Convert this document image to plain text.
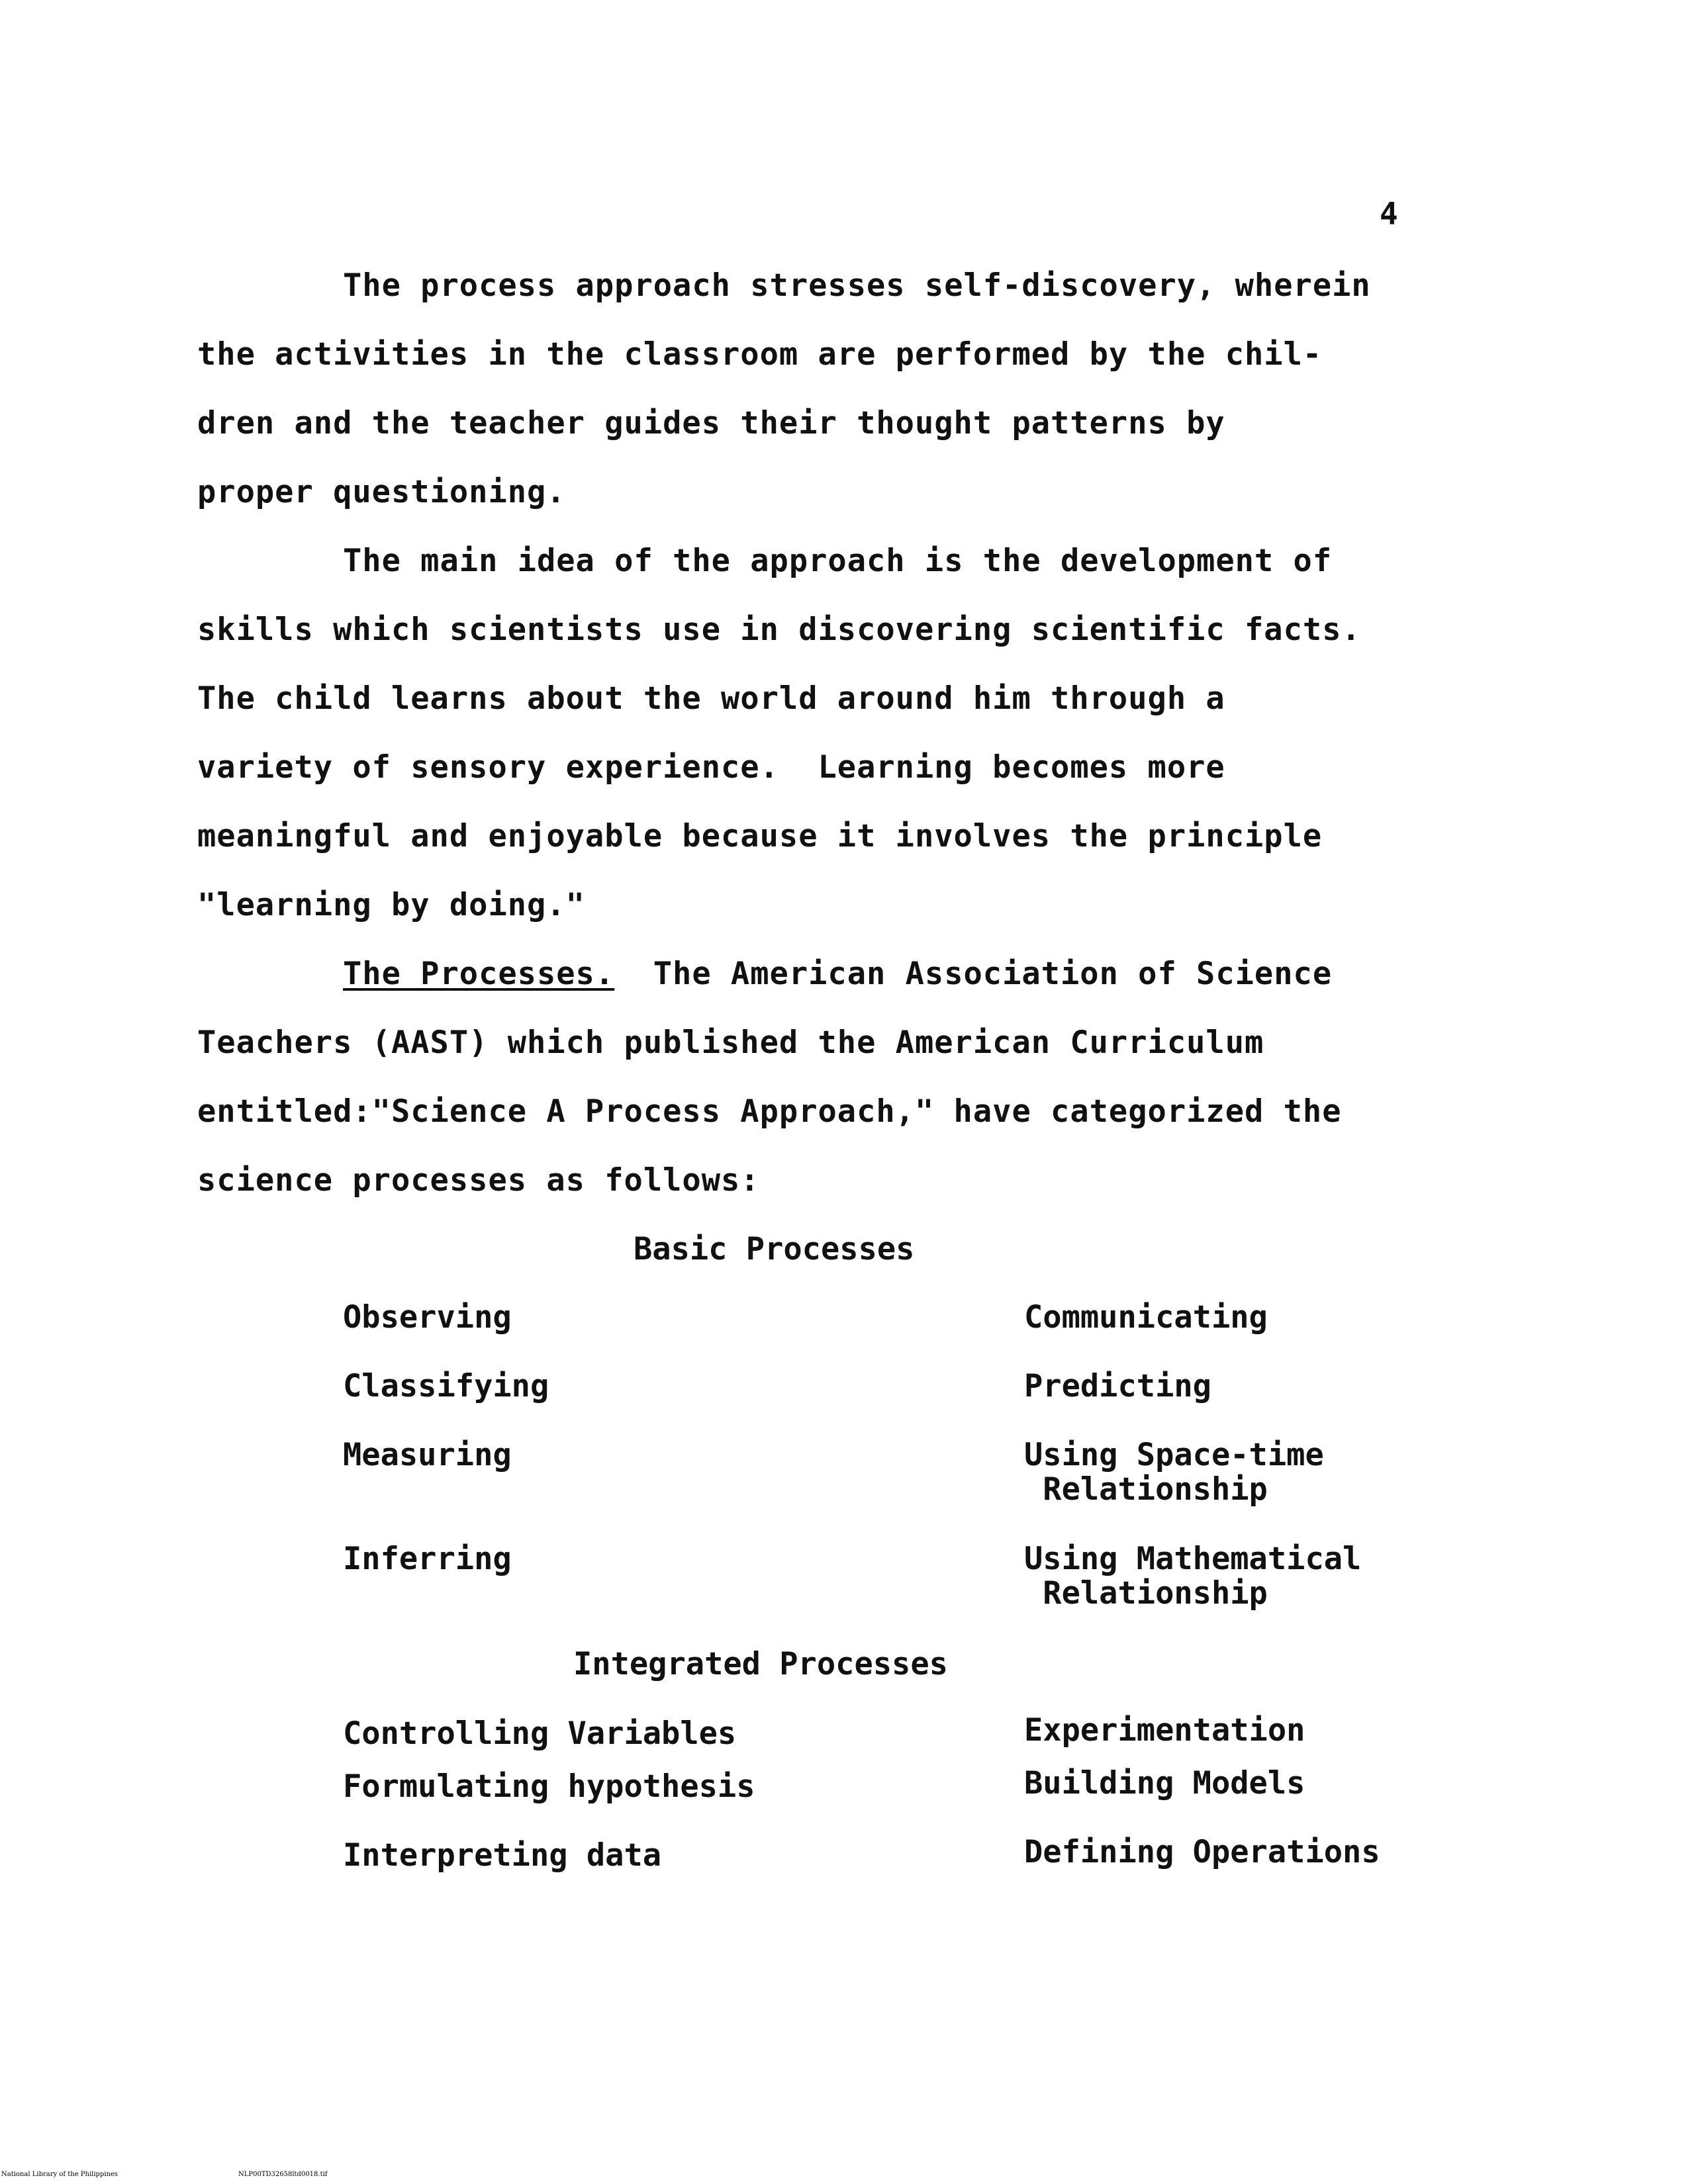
4
The process approach stresses self-discovery, wherein
the activities in the classroom are performed by the chil-
dren and the teacher guides their thought patterns by
proper questioning.
The main idea of the approach is the development of
skills which scientists use in discovering scientific facts.
The child learns about the world around him through a
variety of sensory experience.  Learning becomes more
meaningful and enjoyable because it involves the principle
"learning by doing."
The Processes.  The American Association of Science
Teachers (AAST) which published the American Curriculum
entitled:"Science A Process Approach," have categorized the
science processes as follows:
Basic Processes
Observing
Classifying
Measuring
Inferring
Communicating
Predicting
Using Space-time
Relationship
Using Mathematical
Relationship
Integrated Processes
Controlling Variables
Formulating hypothesis
Interpreting data
Experimentation
Building Models
Defining Operations
National Library of the Philippines	NLP00TD32658ltd0018.tif
